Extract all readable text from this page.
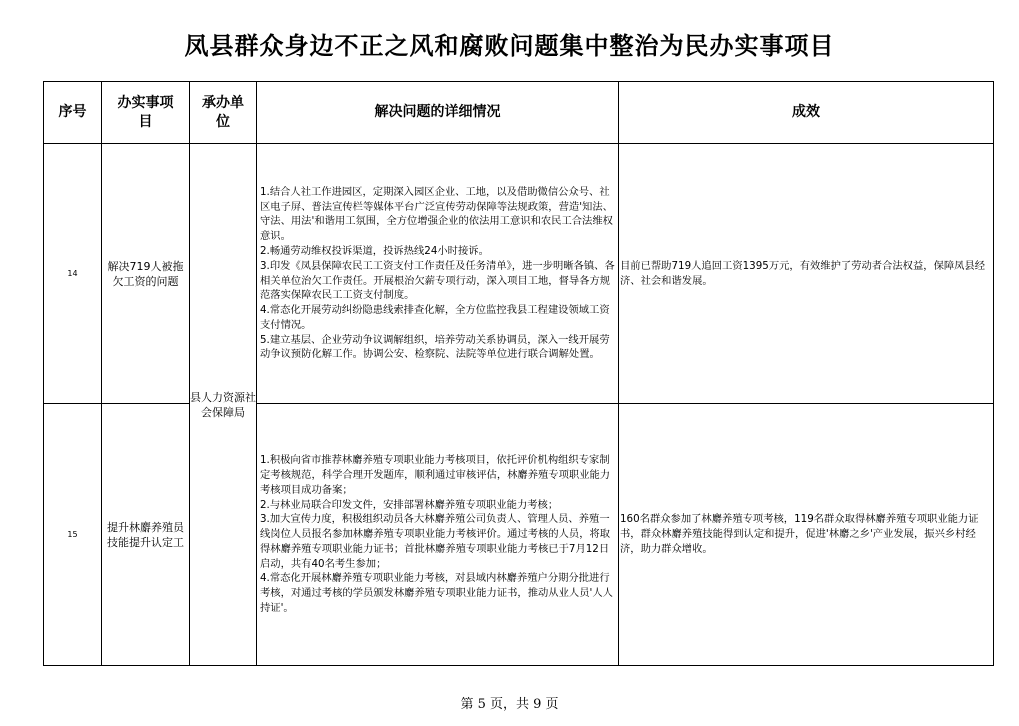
凤县群众身边不正之风和腐败问题集中整治为民办实事项目
序号	办实事项目	承办单位	解决问题的详细情况	成效
14	解决719人被拖欠工资的问题	县人力资源社会保障局	1.结合人社工作进园区，定期深入园区企业、工地，以及借助微信公众号、社区电子屏、普法宣传栏等媒体平台广泛宣传劳动保障等法规政策，营造'知法、守法、用法'和谐用工氛围，全方位增强企业的依法用工意识和农民工合法维权意识。

2.畅通劳动维权投诉渠道，投诉热线24小时接诉。

3.印发《凤县保障农民工工资支付工作责任及任务清单》，进一步明晰各镇、各相关单位治欠工作责任。开展根治欠薪专项行动，深入项目工地，督导各方规范落实保障农民工工资支付制度。

4.常态化开展劳动纠纷隐患线索排查化解，全方位监控我县工程建设领域工资支付情况。

5.建立基层、企业劳动争议调解组织，培养劳动关系协调员，深入一线开展劳动争议预防化解工作。协调公安、检察院、法院等单位进行联合调解处置。	目前已帮助719人追回工资1395万元，有效维护了劳动者合法权益，保障凤县经济、社会和谐发展。
15	提升林麝养殖员技能提升认定工		1.积极向省市推荐林麝养殖专项职业能力考核项目，依托评价机构组织专家制定考核规范，科学合理开发题库，顺利通过审核评估，林麝养殖专项职业能力考核项目成功备案；

2.与林业局联合印发文件，安排部署林麝养殖专项职业能力考核；

3.加大宣传力度，积极组织动员各大林麝养殖公司负责人、管理人员、养殖一线岗位人员报名参加林麝养殖专项职业能力考核评价。通过考核的人员，将取得林麝养殖专项职业能力证书；首批林麝养殖专项职业能力考核已于7月12日启动，共有40名考生参加；

4.常态化开展林麝养殖专项职业能力考核，对县域内林麝养殖户分期分批进行考核，对通过考核的学员颁发林麝养殖专项职业能力证书，推动从业人员'人人持证'。	160名群众参加了林麝养殖专项考核，119名群众取得林麝养殖专项职业能力证书，群众林麝养殖技能得到认定和提升，促进'林麝之乡'产业发展，振兴乡村经济，助力群众增收。
第 5 页，共 9 页
